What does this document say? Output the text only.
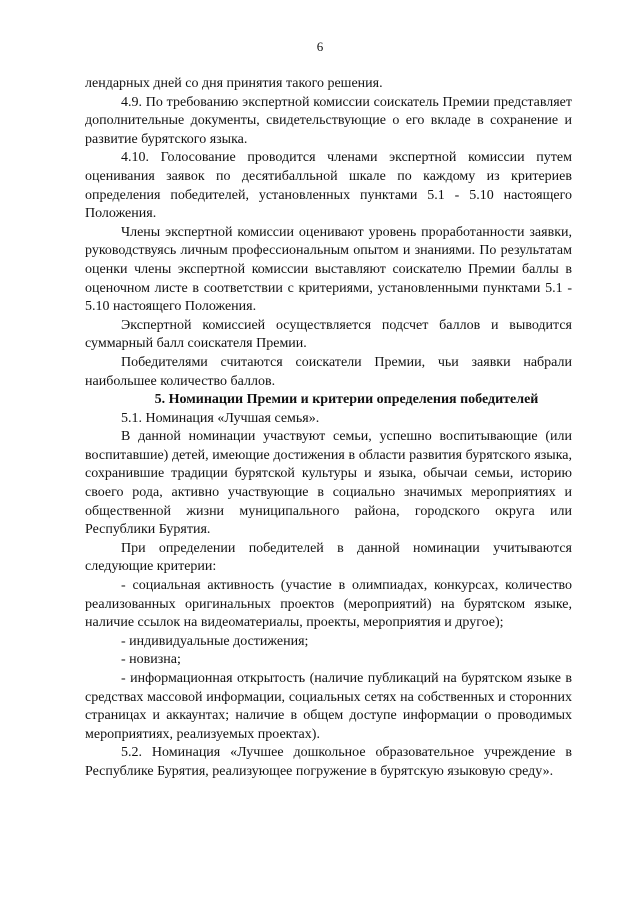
6

лендарных дней со дня принятия такого решения.

4.9. По требованию экспертной комиссии соискатель Премии представляет дополнительные документы, свидетельствующие о его вкладе в сохранение и развитие бурятского языка.

4.10. Голосование проводится членами экспертной комиссии путем оценивания заявок по десятибалльной шкале по каждому из критериев определения победителей, установленных пунктами 5.1 - 5.10 настоящего Положения.

Члены экспертной комиссии оценивают уровень проработанности заявки, руководствуясь личным профессиональным опытом и знаниями. По результатам оценки члены экспертной комиссии выставляют соискателю Премии баллы в оценочном листе в соответствии с критериями, установленными пунктами 5.1 - 5.10 настоящего Положения.

Экспертной комиссией осуществляется подсчет баллов и выводится суммарный балл соискателя Премии.

Победителями считаются соискатели Премии, чьи заявки набрали наибольшее количество баллов.

5. Номинации Премии и критерии определения победителей

5.1. Номинация «Лучшая семья».

В данной номинации участвуют семьи, успешно воспитывающие (или воспитавшие) детей, имеющие достижения в области развития бурятского языка, сохранившие традиции бурятской культуры и языка, обычаи семьи, историю своего рода, активно участвующие в социально значимых мероприятиях и общественной жизни муниципального района, городского округа или Республики Бурятия.

При определении победителей в данной номинации учитываются следующие критерии:

- социальная активность (участие в олимпиадах, конкурсах, количество реализованных оригинальных проектов (мероприятий) на бурятском языке, наличие ссылок на видеоматериалы, проекты, мероприятия и другое);

- индивидуальные достижения;

- новизна;

- информационная открытость (наличие публикаций на бурятском языке в средствах массовой информации, социальных сетях на собственных и сторонних страницах и аккаунтах; наличие в общем доступе информации о проводимых мероприятиях, реализуемых проектах).

5.2. Номинация «Лучшее дошкольное образовательное учреждение в Республике Бурятия, реализующее погружение в бурятскую языковую среду».
